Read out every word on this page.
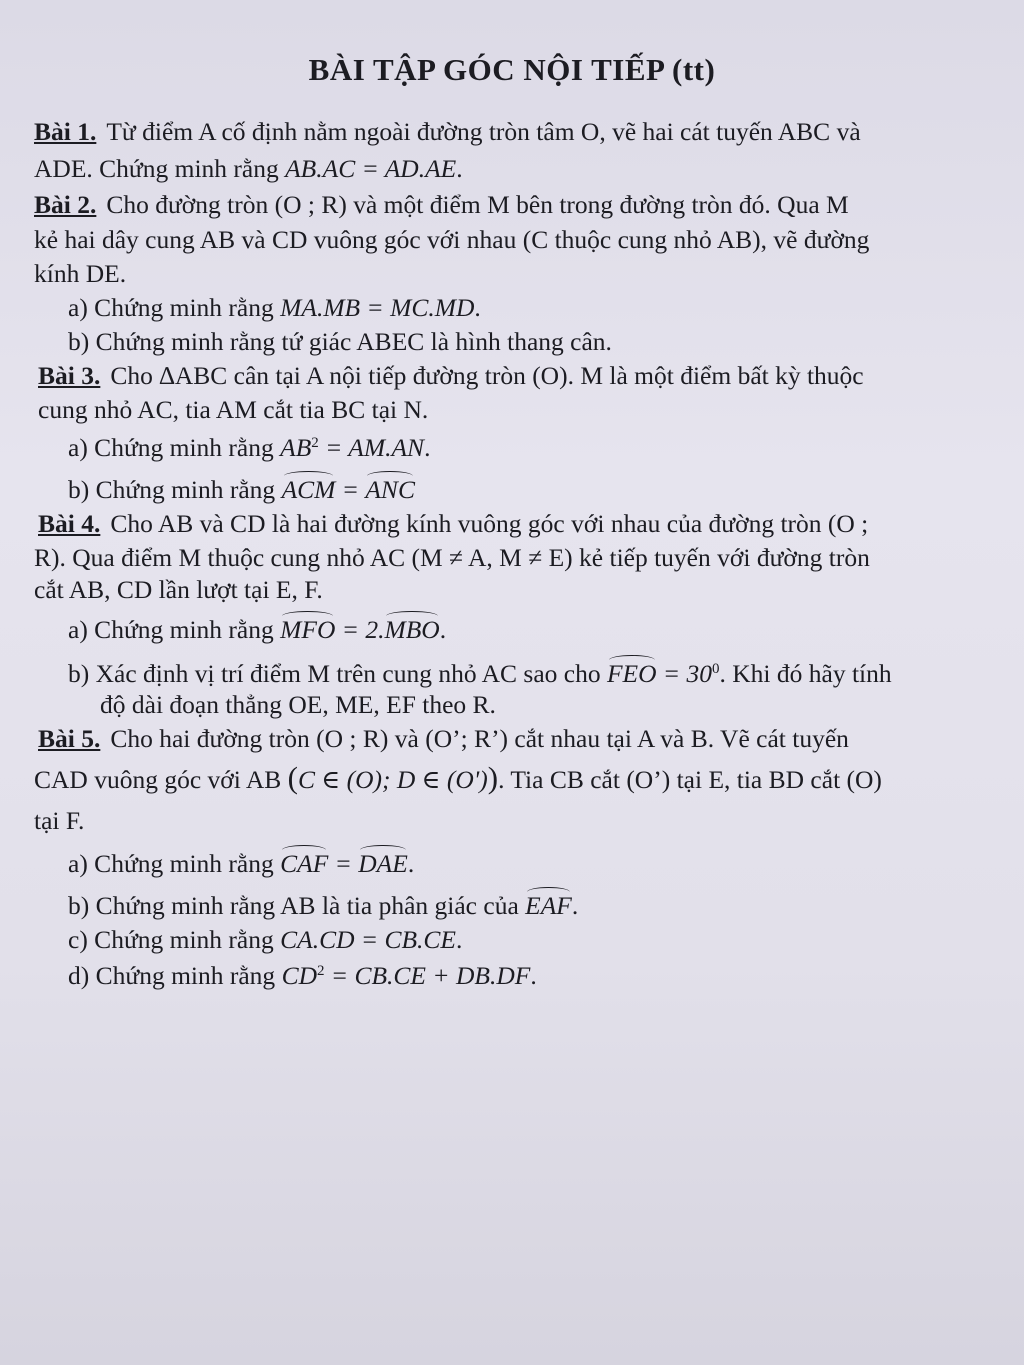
BÀI TẬP GÓC NỘI TIẾP (tt)
Bài 1. Từ điểm A cố định nằm ngoài đường tròn tâm O, vẽ hai cát tuyến ABC và
ADE. Chứng minh rằng AB.AC = AD.AE.
Bài 2. Cho đường tròn (O ; R) và một điểm M bên trong đường tròn đó. Qua M
kẻ hai dây cung AB và CD vuông góc với nhau (C thuộc cung nhỏ AB), vẽ đường
kính DE.
a) Chứng minh rằng MA.MB = MC.MD.
b) Chứng minh rằng tứ giác ABEC là hình thang cân.
Bài 3. Cho ∆ABC cân tại A nội tiếp đường tròn (O). M là một điểm bất kỳ thuộc
cung nhỏ AC, tia AM cắt tia BC tại N.
a) Chứng minh rằng $AB^2 = AM.AN$.
b) Chứng minh rằng ACM = ANC
Bài 4. Cho AB và CD là hai đường kính vuông góc với nhau của đường tròn (O ;
R). Qua điểm M thuộc cung nhỏ AC (M ≠ A, M ≠ E) kẻ tiếp tuyến với đường tròn
cắt AB, CD lần lượt tại E, F.
a) Chứng minh rằng MFO = 2.MBO.
b) Xác định vị trí điểm M trên cung nhỏ AC sao cho FEO = $30^0$. Khi đó hãy tính
độ dài đoạn thẳng OE, ME, EF theo R.
Bài 5. Cho hai đường tròn (O ; R) và (O’; R’) cắt nhau tại A và B. Vẽ cát tuyến
CAD vuông góc với AB (C ∈ (O); D ∈ (O')). Tia CB cắt (O’) tại E, tia BD cắt (O)
tại F.
a) Chứng minh rằng CAF = DAE.
b) Chứng minh rằng AB là tia phân giác của EAF.
c) Chứng minh rằng CA.CD = CB.CE.
d) Chứng minh rằng $CD^2 = CB.CE + DB.DF$.
